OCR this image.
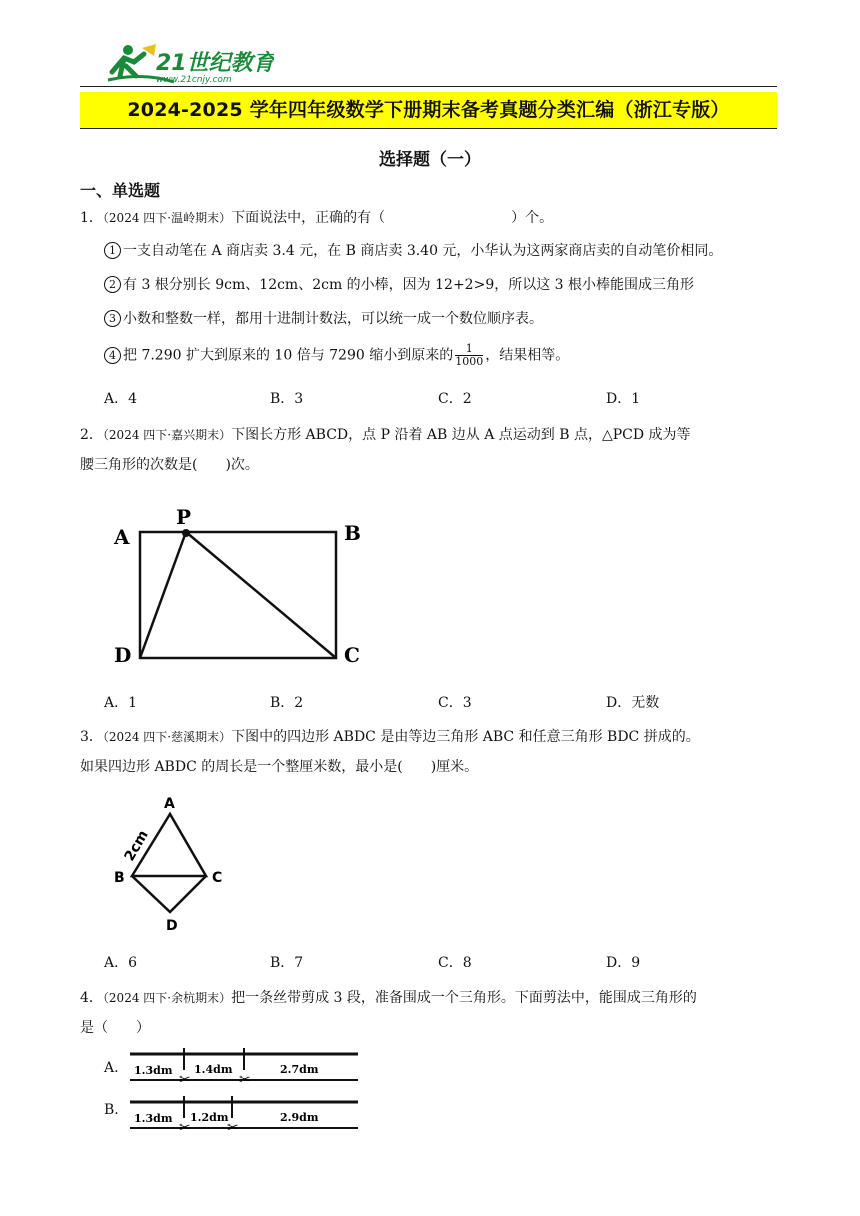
21世纪教育
www.21cnjy.com
2024-2025 学年四年级数学下册期末备考真题分类汇编（浙江专版）
选择题（一）
一、单选题
1．（2024 四下·温岭期末）下面说法中，正确的有（　　　　　　　　　）个。
1 一支自动笔在 A 商店卖 3.4 元，在 B 商店卖 3.40 元，小华认为这两家商店卖的自动笔价相同。
2 有 3 根分别长 9cm、12cm、2cm 的小棒，因为 12+2>9，所以这 3 根小棒能围成三角形
3 小数和整数一样，都用十进制计数法，可以统一成一个数位顺序表。
4 把 7.290 扩大到原来的 10 倍与 7290 缩小到原来的 $\frac{1}{1000}$ ，结果相等。
A．4	B．3	C．2	D．1
2．（2024 四下·嘉兴期末）下图长方形 ABCD，点 P 沿着 AB 边从 A 点运动到 B 点，△PCD 成为等
腰三角形的次数是(　　)次。
A
P
B
D	C
A．1	B．2	C．3	D．无数
3．（2024 四下·慈溪期末）下图中的四边形 ABDC 是由等边三角形 ABC 和任意三角形 BDC 拼成的。
如果四边形 ABDC 的周长是一个整厘米数，最小是(　　)厘米。
A
B	C
D
2cm
A．6	B．7	C．8	D．9
4．（2024 四下·余杭期末）把一条丝带剪成 3 段，准备围成一个三角形。下面剪法中，能围成三角形的
是（　　）
A.
✂	✂
1.3dm 1.4dm	2.7dm
B.
✂	✂
1.3dm 1.2dm	2.9dm
